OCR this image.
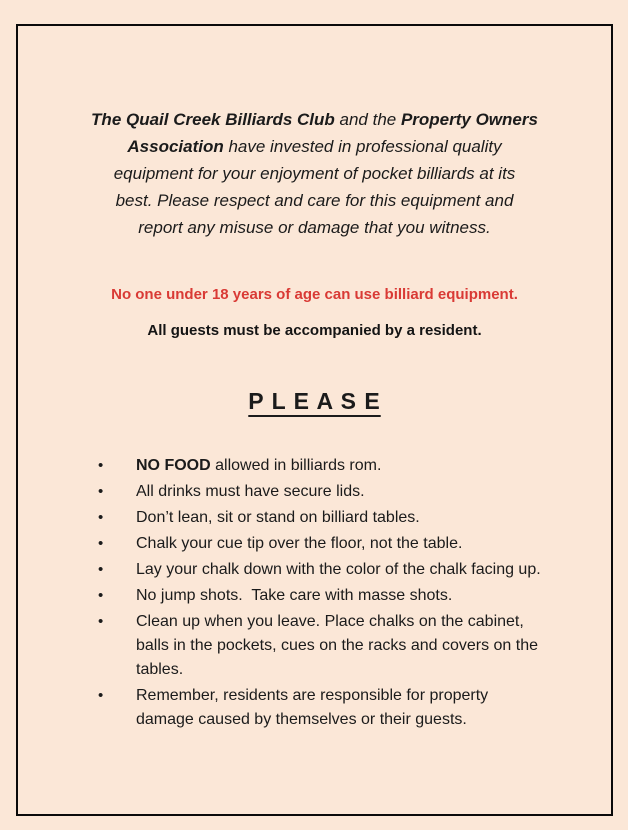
The Quail Creek Billiards Club and the Property Owners
Association have invested in professional quality
equipment for your enjoyment of pocket billiards at its
best. Please respect and care for this equipment and
report any misuse or damage that you witness.
No one under 18 years of age can use billiard equipment.
All guests must be accompanied by a resident.
P L E A S E
•	NO FOOD allowed in billiards rom.
•	All drinks must have secure lids.
•	Don’t lean, sit or stand on billiard tables.
•	Chalk your cue tip over the floor, not the table.
•	Lay your chalk down with the color of the chalk facing up.
•	No jump shots.  Take care with masse shots.
•	Clean up when you leave. Place chalks on the cabinet,
balls in the pockets, cues on the racks and covers on the
tables.
•	Remember, residents are responsible for property
damage caused by themselves or their guests.
